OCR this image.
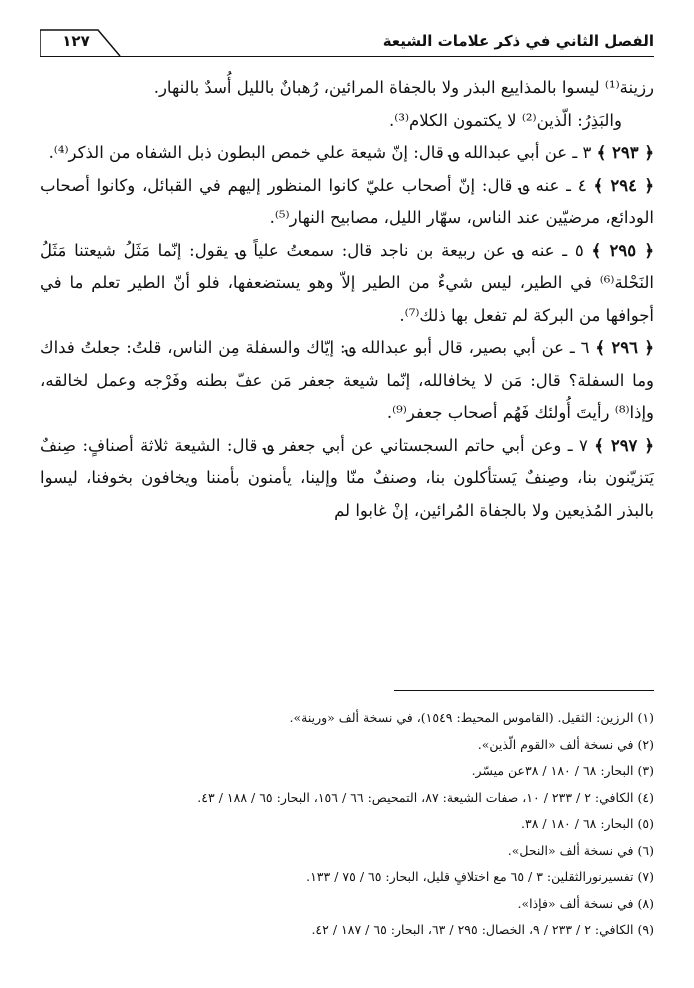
الفصل الثاني في ذكر علامات الشيعة
١٢٧

رزينة⁽¹⁾ ليسوا بالمذاييع البذر ولا بالجفاة المرائين، رُهبانٌ بالليل أُسدٌ بالنهار.

والبَذِرُ: الّذين⁽²⁾ لا يكتمون الكلام⁽³⁾.

﴿ ٢٩٣ ﴾ ٣ ـ عن أبي عبدالله ؈ قال: إنّ شيعة علي خمص البطون ذبل الشفاه من الذكر⁽⁴⁾.

﴿ ٢٩٤ ﴾ ٤ ـ عنه ؈ قال: إنّ أصحاب عليّ كانوا المنظور إليهم في القبائل، وكانوا أصحاب الودائع، مرضيّين عند الناس، سهّار الليل، مصابيح النهار⁽⁵⁾.

﴿ ٢٩٥ ﴾ ٥ ـ عنه ؈ عن ربيعة بن ناجد قال: سمعتُ علياً ؈ يقول: إنّما مَثَلُ شيعتنا مَثَلُ النَحْلة⁽⁶⁾ في الطير، ليس شيءٌ من الطير إلاّ وهو يستضعفها، فلو أنّ الطير تعلم ما في أجوافها من البركة لم تفعل بها ذلك⁽⁷⁾.

﴿ ٢٩٦ ﴾ ٦ ـ عن أبي بصير، قال أبو عبدالله ؈: إيّاك والسفلة مِن الناس، قلتُ: جعلتُ فداك وما السفلة؟ قال: مَن لا يخافالله، إنّما شيعة جعفر مَن عفّ بطنه وفَرْجه وعمل لخالقه، وإذا⁽⁸⁾ رأيتَ أُولئك فَهُم أصحاب جعفر⁽⁹⁾.

﴿ ٢٩٧ ﴾ ٧ ـ وعن أبي حاتم السجستاني عن أبي جعفر ؈ قال: الشيعة ثلاثة أصنافٍ: صِنفٌ يَتزيّنون بنا، وصِنفٌ يَستأكلون بنا، وصنفٌ منّا وإلينا، يأمنون بأمننا ويخافون بخوفنا، ليسوا بالبذر المُذيعين ولا بالجفاة المُرائين، إنْ غابوا لم

(١) الرزين: الثقيل. (القاموس المحيط: ١٥٤٩)، في نسخة ألف «ورينة».
(٢) في نسخة ألف «القوم الّذين».
(٣) البحار: ٦٨ / ١٨٠ / ٣٨عن ميسّر.
(٤) الكافي: ٢ / ٢٣٣ / ١٠، صفات الشيعة: ٨٧، التمحيص: ٦٦ / ١٥٦، البحار: ٦٥ / ١٨٨ / ٤٣.
(٥) البحار: ٦٨ / ١٨٠ / ٣٨.
(٦) في نسخة ألف «النحل».
(٧) تفسيرنورالثقلين: ٣ / ٦٥ مع اختلافٍ قليل، البحار: ٦٥ / ٧٥ / ١٣٣.
(٨) في نسخة ألف «فإذا».
(٩) الكافي: ٢ / ٢٣٣ / ٩، الخصال: ٢٩٥ / ٦٣، البحار: ٦٥ / ١٨٧ / ٤٢.
